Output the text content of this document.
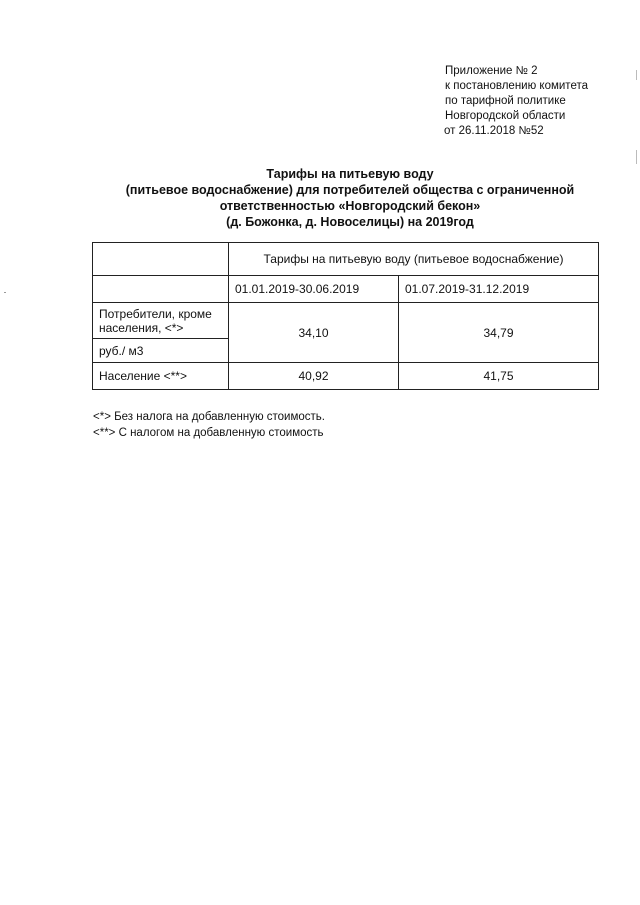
Приложение № 2
к постановлению комитета
по тарифной политике
Новгородской области
от 26.11.2018 №52
Тарифы на питьевую воду
(питьевое водоснабжение) для потребителей общества с ограниченной
ответственностью «Новгородский бекон»
(д. Божонка, д. Новоселицы) на 2019год
	Тарифы на питьевую воду (питьевое водоснабжение)	
	01.01.2019-30.06.2019	01.07.2019-31.12.2019

Потребители, кроме
населения, <*>	34,10	34,79
руб./ м3		
Население <**>	40,92	41,75
<*> Без налога на добавленную стоимость.
<**> С налогом на добавленную стоимость
